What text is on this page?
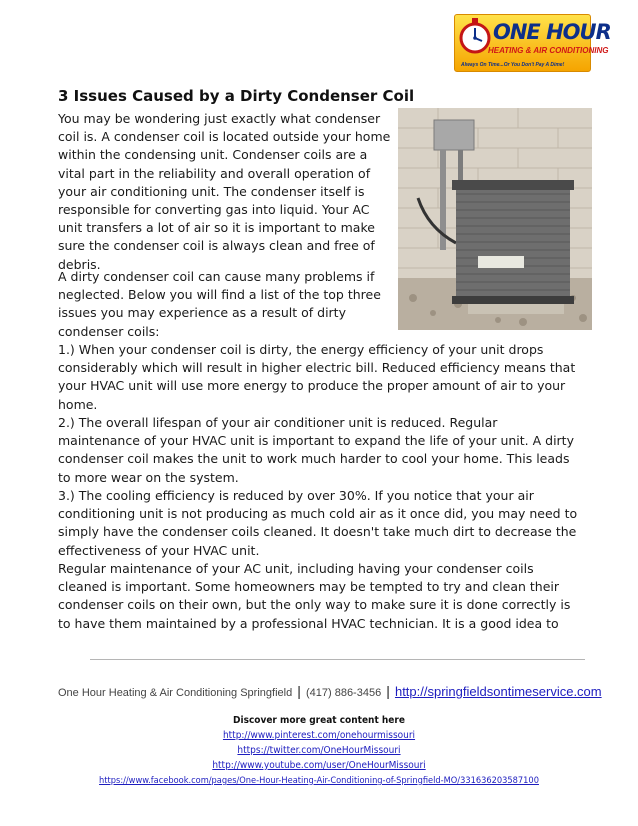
ONE HOUR
HEATING & AIR CONDITIONING
Always On Time...Or You Don't Pay A Dime!
3 Issues Caused by a Dirty Condenser Coil
You may be wondering just exactly what condenser
coil is. A condenser coil is located outside your home
within the condensing unit. Condenser coils are a
vital part in the reliability and overall operation of
your air conditioning unit. The condenser itself is
responsible for converting gas into liquid. Your AC
unit transfers a lot of air so it is important to make
sure the condenser coil is always clean and free of
debris.
A dirty condenser coil can cause many problems if
neglected. Below you will find a list of the top three
issues you may experience as a result of dirty
condenser coils:
1.) When your condenser coil is dirty, the energy efficiency of your unit drops
considerably which will result in higher electric bill. Reduced efficiency means that
your HVAC unit will use more energy to produce the proper amount of air to your
home.
2.) The overall lifespan of your air conditioner unit is reduced. Regular
maintenance of your HVAC unit is important to expand the life of your unit. A dirty
condenser coil makes the unit to work much harder to cool your home. This leads
to more wear on the system.
3.) The cooling efficiency is reduced by over 30%. If you notice that your air
conditioning unit is not producing as much cold air as it once did, you may need to
simply have the condenser coils cleaned. It doesn't take much dirt to decrease the
effectiveness of your HVAC unit.
Regular maintenance of your AC unit, including having your condenser coils
cleaned is important. Some homeowners may be tempted to try and clean their
condenser coils on their own, but the only way to make sure it is done correctly is
to have them maintained by a professional HVAC technician. It is a good idea to
One Hour Heating & Air Conditioning Springfield | (417) 886-3456 | http://springfieldsontimeservice.com
Discover more great content here
http://www.pinterest.com/onehourmissouri
https://twitter.com/OneHourMissouri
http://www.youtube.com/user/OneHourMissouri
https://www.facebook.com/pages/One-Hour-Heating-Air-Conditioning-of-Springfield-MO/331636203587100
